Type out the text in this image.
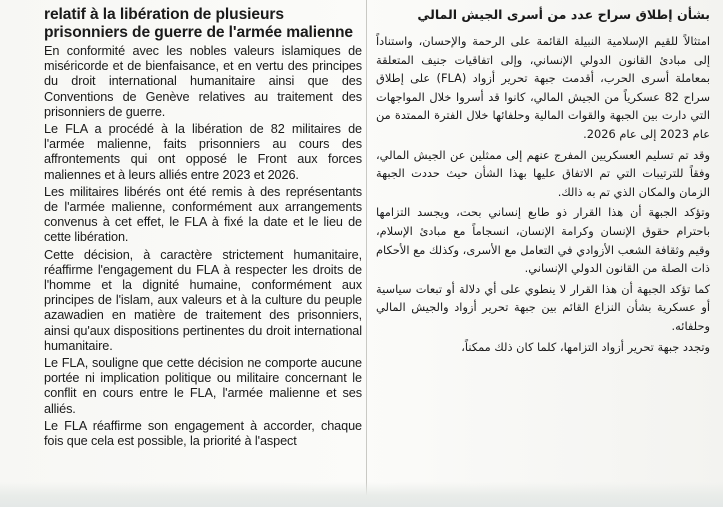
relatif à la libération de plusieurs prisonniers de guerre de l'armée malienne

En conformité avec les nobles valeurs islamiques de miséricorde et de bienfaisance, et en vertu des principes du droit international humanitaire ainsi que des Conventions de Genève relatives au traitement des prisonniers de guerre.

Le FLA a procédé à la libération de 82 militaires de l'armée malienne, faits prisonniers au cours des affrontements qui ont opposé le Front aux forces maliennes et à leurs alliés entre 2023 et 2026.

Les militaires libérés ont été remis à des représentants de l'armée malienne, conformément aux arrangements convenus à cet effet, le FLA à fixé la date et le lieu de cette libération.

Cette décision, à caractère strictement humanitaire, réaffirme l'engagement du FLA à respecter les droits de l'homme et la dignité humaine, conformément aux principes de l'islam, aux valeurs et à la culture du peuple azawadien en matière de traitement des prisonniers, ainsi qu'aux dispositions pertinentes du droit international humanitaire.

Le FLA, souligne que cette décision ne comporte aucune portée ni implication politique ou militaire concernant le conflit en cours entre le FLA, l'armée malienne et ses alliés.

Le FLA réaffirme son engagement à accorder, chaque fois que cela est possible, la priorité à l'aspect

بشأن إطلاق سراح عدد من أسرى الجيش المالي

امتثالاً للقيم الإسلامية النبيلة القائمة على الرحمة والإحسان، واستناداً إلى مبادئ القانون الدولي الإنساني، وإلى اتفاقيات جنيف المتعلقة بمعاملة أسرى الحرب، أقدمت جبهة تحرير أزواد (FLA) على إطلاق سراح 82 عسكرياً من الجيش المالي، كانوا قد أسروا خلال المواجهات التي دارت بين الجبهة والقوات المالية وحلفائها خلال الفترة الممتدة من عام 2023 إلى عام 2026.

وقد تم تسليم العسكريين المفرج عنهم إلى ممثلين عن الجيش المالي، وفقاً للترتيبات التي تم الاتفاق عليها بهذا الشأن حيث حددت الجبهة الزمان والمكان الذي تم به ذالك.

وتؤكد الجبهة أن هذا القرار ذو طابع إنساني بحت، ويجسد التزامها باحترام حقوق الإنسان وكرامة الإنسان، انسجاماً مع مبادئ الإسلام، وقيم وثقافة الشعب الأزوادي في التعامل مع الأسرى، وكذلك مع الأحكام ذات الصلة من القانون الدولي الإنساني.

كما تؤكد الجبهة أن هذا القرار لا ينطوي على أي دلالة أو تبعات سياسية أو عسكرية بشأن النزاع القائم بين جبهة تحرير أزواد والجيش المالي وحلفائه.

وتجدد جبهة تحرير أزواد التزامها، كلما كان ذلك ممكناً،
